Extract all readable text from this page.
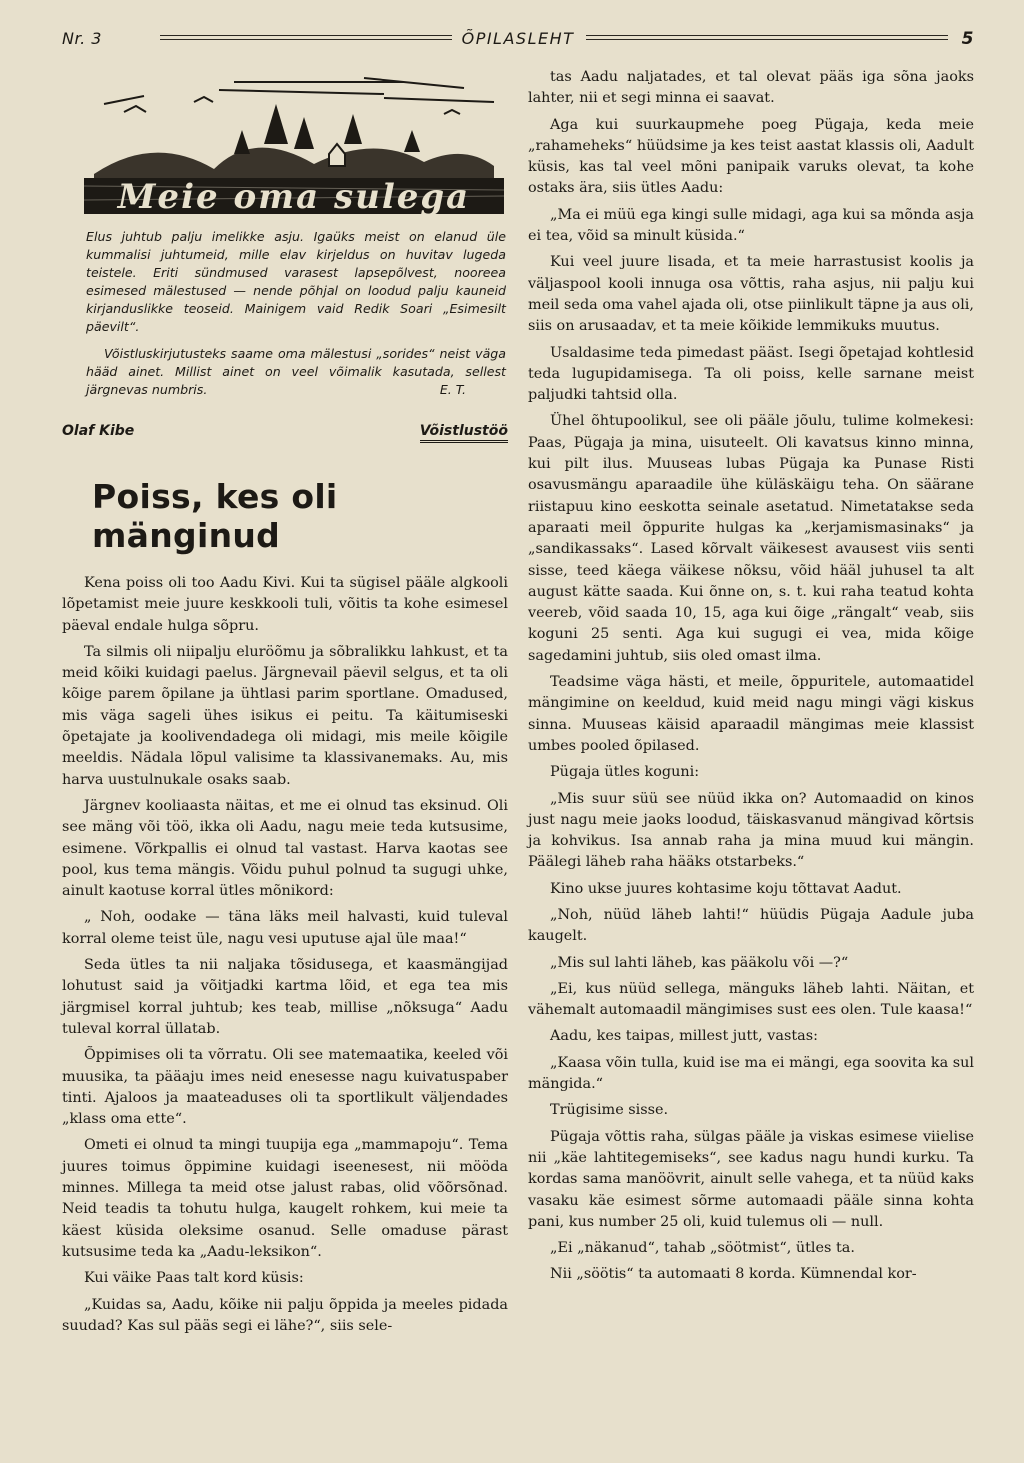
Nr. 3	ÕPILASLEHT	5
Meie oma sulega

Elus juhtub palju imelikke asju. Igaüks meist on elanud üle kummalisi juhtumeid, mille elav kirjeldus on huvitav lugeda teistele. Eriti sündmused varasest lapsepõlvest, nooreea esimesed mälestused — nende põhjal on loodud palju kauneid kirjanduslikke teoseid. Mainigem vaid Redik Soari „Esimesilt päevilt“.

Võistluskirjutusteks saame oma mälestusi „sorides“ neist väga hääd ainet. Millist ainet on veel võimalik kasutada, sellest järgnevas numbris.	E. T.

Olaf Kibe	Võistlustöö
Poiss, kes oli mänginud

Kena poiss oli too Aadu Kivi. Kui ta sügisel pääle algkooli lõpetamist meie juure keskkooli tuli, võitis ta kohe esimesel päeval endale hulga sõpru.

Ta silmis oli niipalju eluröõmu ja sõbralikku lahkust, et ta meid kõiki kuidagi paelus. Järgnevail päevil selgus, et ta oli kõige parem õpilane ja ühtlasi parim sportlane. Omadused, mis väga sageli ühes isikus ei peitu. Ta käitumiseski õpetajate ja koolivendadega oli midagi, mis meile kõigile meeldis. Nädala lõpul valisime ta klassivanemaks. Au, mis harva uustulnukale osaks saab.

Järgnev kooliaasta näitas, et me ei olnud tas eksinud. Oli see mäng või töö, ikka oli Aadu, nagu meie teda kutsusime, esimene. Võrkpallis ei olnud tal vastast. Harva kaotas see pool, kus tema mängis. Võidu puhul polnud ta sugugi uhke, ainult kaotuse korral ütles mõnikord:

„ Noh, oodake — täna läks meil halvasti, kuid tuleval korral oleme teist üle, nagu vesi uputuse ajal üle maa!“

Seda ütles ta nii naljaka tõsidusega, et kaasmängijad lohutust said ja võitjadki kartma lõid, et ega tea mis järgmisel korral juhtub; kes teab, millise „nõksuga“ Aadu tuleval korral üllatab.

Õppimises oli ta võrratu. Oli see matemaatika, keeled või muusika, ta pääaju imes neid enesesse nagu kuivatuspaber tinti. Ajaloos ja maateaduses oli ta sportlikult väljendades „klass oma ette“.

Ometi ei olnud ta mingi tuupija ega „mammapoju“. Tema juures toimus õppimine kuidagi iseenesest, nii mööda minnes. Millega ta meid otse jalust rabas, olid võõrsõnad. Neid teadis ta tohutu hulga, kaugelt rohkem, kui meie ta käest küsida oleksime osanud. Selle omaduse pärast kutsusime teda ka „Aadu-leksikon“.

Kui väike Paas talt kord küsis:

„Kuidas sa, Aadu, kõike nii palju õppida ja meeles pidada suudad? Kas sul pääs segi ei lähe?“, siis sele-

tas Aadu naljatades, et tal olevat pääs iga sõna jaoks lahter, nii et segi minna ei saavat.

Aga kui suurkaupmehe poeg Pügaja, keda meie „rahameheks“ hüüdsime ja kes teist aastat klassis oli, Aadult küsis, kas tal veel mõni panipaik varuks olevat, ta kohe ostaks ära, siis ütles Aadu:

„Ma ei müü ega kingi sulle midagi, aga kui sa mõnda asja ei tea, võid sa minult küsida.“

Kui veel juure lisada, et ta meie harrastusist koolis ja väljaspool kooli innuga osa võttis, raha asjus, nii palju kui meil seda oma vahel ajada oli, otse piinlikult täpne ja aus oli, siis on arusaadav, et ta meie kõikide lemmikuks muutus.

Usaldasime teda pimedast pääst. Isegi õpetajad kohtlesid teda lugupidamisega. Ta oli poiss, kelle sarnane meist paljudki tahtsid olla.

Ühel õhtupoolikul, see oli pääle jõulu, tulime kolmekesi: Paas, Pügaja ja mina, uisuteelt. Oli kavatsus kinno minna, kui pilt ilus. Muuseas lubas Pügaja ka Punase Risti osavusmängu aparaadile ühe küläskäigu teha. On säärane riistapuu kino eeskotta seinale asetatud. Nimetatakse seda aparaati meil õppurite hulgas ka „kerjamismasinaks“ ja „sandikassaks“. Lased kõrvalt väikesest avausest viis senti sisse, teed käega väikese nõksu, võid hääl juhusel ta alt august kätte saada. Kui õnne on, s. t. kui raha teatud kohta veereb, võid saada 10, 15, aga kui õige „rängalt“ veab, siis koguni 25 senti. Aga kui sugugi ei vea, mida kõige sagedamini juhtub, siis oled omast ilma.

Teadsime väga hästi, et meile, õppuritele, automaatidel mängimine on keeldud, kuid meid nagu mingi vägi kiskus sinna. Muuseas käisid aparaadil mängimas meie klassist umbes pooled õpilased.

Pügaja ütles koguni:

„Mis suur süü see nüüd ikka on? Automaadid on kinos just nagu meie jaoks loodud, täiskasvanud mängivad kõrtsis ja kohvikus. Isa annab raha ja mina muud kui mängin. Päälegi läheb raha hääks otstarbeks.“

Kino ukse juures kohtasime koju tõttavat Aadut.

„Noh, nüüd läheb lahti!“ hüüdis Pügaja Aadule juba kaugelt.

„Mis sul lahti läheb, kas pääkolu või —?“

„Ei, kus nüüd sellega, mänguks läheb lahti. Näitan, et vähemalt automaadil mängimises sust ees olen. Tule kaasa!“

Aadu, kes taipas, millest jutt, vastas:

„Kaasa võin tulla, kuid ise ma ei mängi, ega soovita ka sul mängida.“

Trügisime sisse.

Pügaja võttis raha, sülgas pääle ja viskas esimese viielise nii „käe lahtitegemiseks“, see kadus nagu hundi kurku. Ta kordas sama manöövrit, ainult selle vahega, et ta nüüd kaks vasaku käe esimest sõrme automaadi pääle sinna kohta pani, kus number 25 oli, kuid tulemus oli — null.

„Ei „näkanud“, tahab „söötmist“, ütles ta.

Nii „söötis“ ta automaati 8 korda. Kümnendal kor-
